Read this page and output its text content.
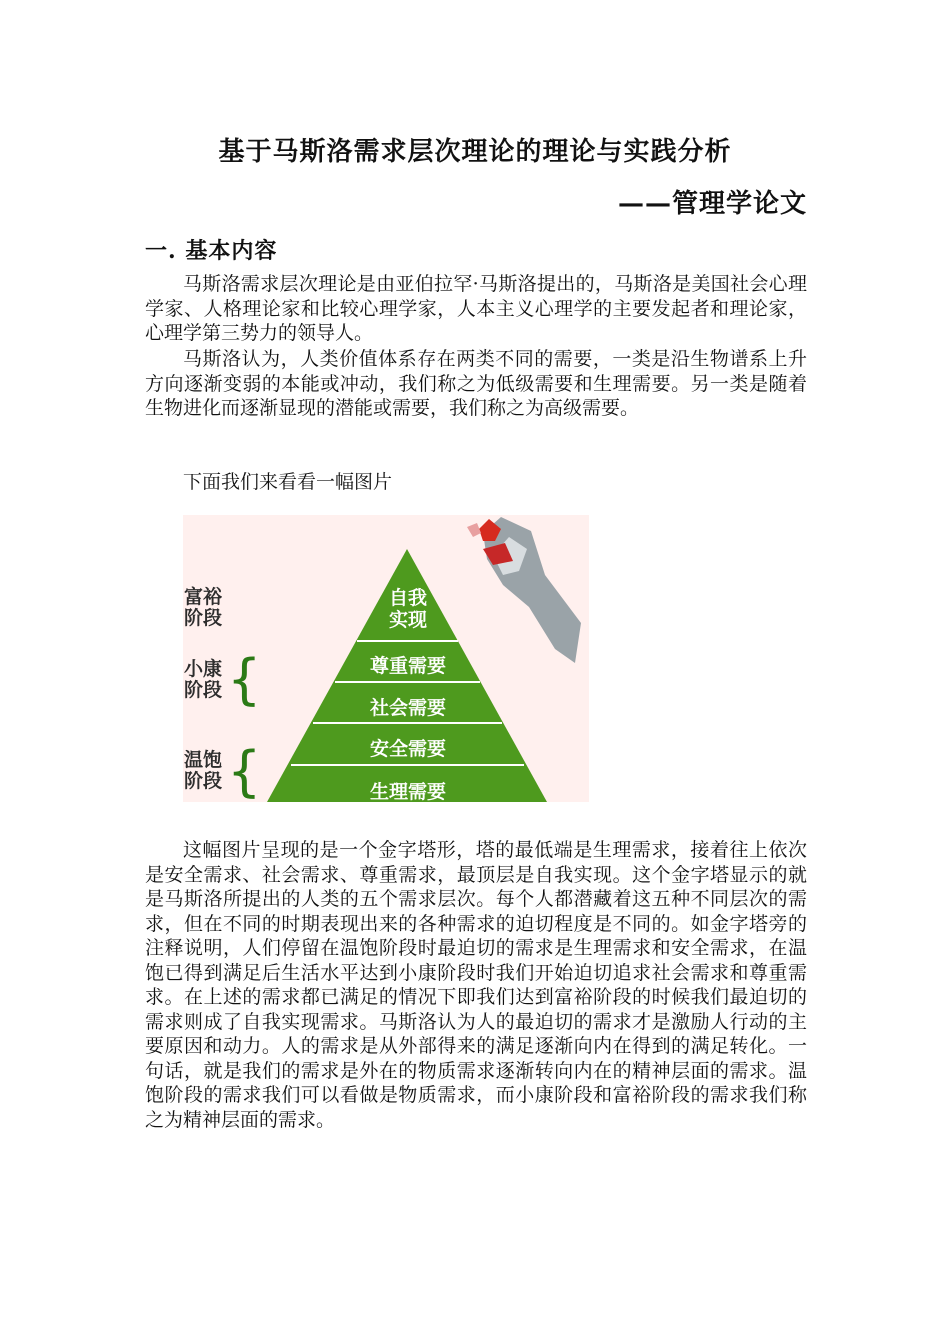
基于马斯洛需求层次理论的理论与实践分析
——管理学论文
一. 基本内容

马斯洛需求层次理论是由亚伯拉罕·马斯洛提出的，马斯洛是美国社会心理学家、人格理论家和比较心理学家，人本主义心理学的主要发起者和理论家，心理学第三势力的领导人。

马斯洛认为，人类价值体系存在两类不同的需要，一类是沿生物谱系上升方向逐渐变弱的本能或冲动，我们称之为低级需要和生理需要。另一类是随着生物进化而逐渐显现的潜能或需要，我们称之为高级需要。

下面我们来看看一幅图片

富裕
阶段
小康
阶段 {
温饱
阶段 {
自我
实现
尊重需要
社会需要
安全需要
生理需要

这幅图片呈现的是一个金字塔形，塔的最低端是生理需求，接着往上依次是安全需求、社会需求、尊重需求，最顶层是自我实现。这个金字塔显示的就是马斯洛所提出的人类的五个需求层次。每个人都潜藏着这五种不同层次的需求，但在不同的时期表现出来的各种需求的迫切程度是不同的。如金字塔旁的注释说明，人们停留在温饱阶段时最迫切的需求是生理需求和安全需求，在温饱已得到满足后生活水平达到小康阶段时我们开始迫切追求社会需求和尊重需求。在上述的需求都已满足的情况下即我们达到富裕阶段的时候我们最迫切的需求则成了自我实现需求。马斯洛认为人的最迫切的需求才是激励人行动的主要原因和动力。人的需求是从外部得来的满足逐渐向内在得到的满足转化。一句话，就是我们的需求是外在的物质需求逐渐转向内在的精神层面的需求。温饱阶段的需求我们可以看做是物质需求，而小康阶段和富裕阶段的需求我们称之为精神层面的需求。
